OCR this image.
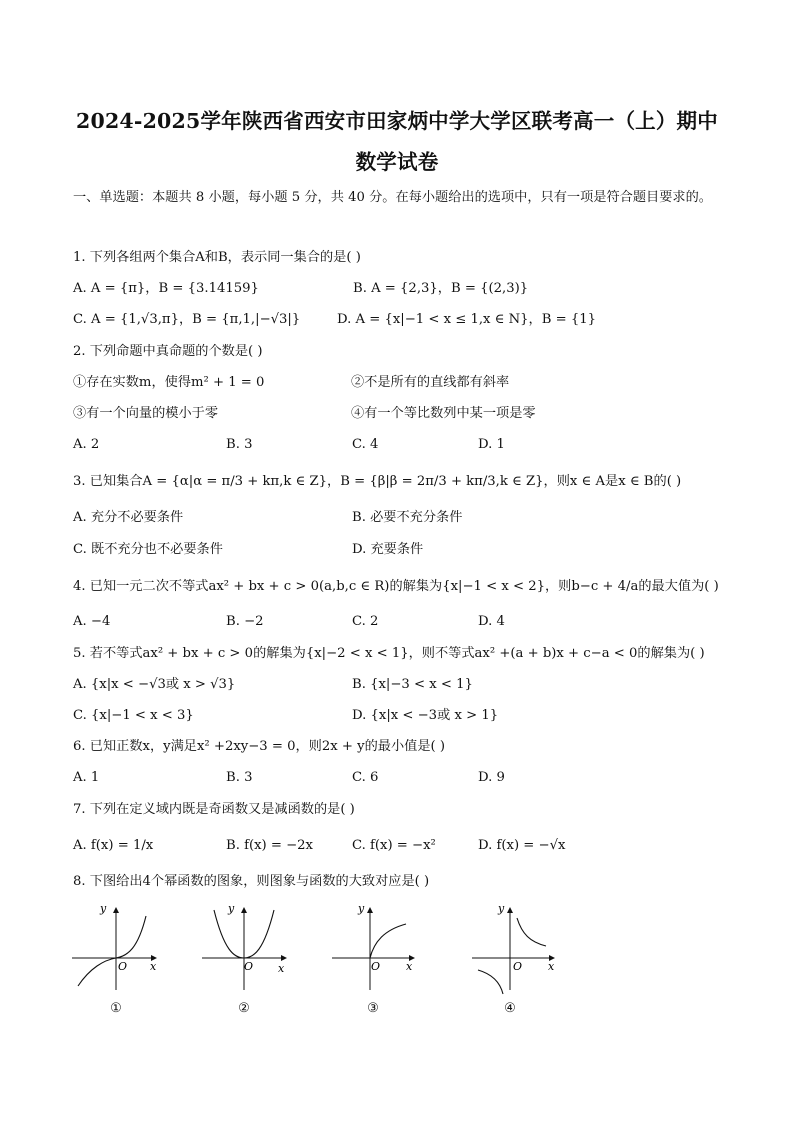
2024-2025学年陕西省西安市田家炳中学大学区联考高一（上）期中
数学试卷
一、单选题：本题共 8 小题，每小题 5 分，共 40 分。在每小题给出的选项中，只有一项是符合题目要求的。
1. 下列各组两个集合A和B，表示同一集合的是( )
A. A = {π}，B = {3.14159}	B. A = {2,3}，B = {(2,3)}
C. A = {1,√3,π}，B = {π,1,|−√3|}	D. A = {x|−1 < x ≤ 1,x ∈ N}，B = {1}
2. 下列命题中真命题的个数是( )
①存在实数m，使得m² + 1 = 0	②不是所有的直线都有斜率
③有一个向量的模小于零	④有一个等比数列中某一项是零
A. 2	B. 3	C. 4	D. 1
3. 已知集合A = {α|α = π/3 + kπ,k ∈ Z}，B = {β|β = 2π/3 + kπ/3,k ∈ Z}，则x ∈ A是x ∈ B的( )
A. 充分不必要条件	B. 必要不充分条件
C. 既不充分也不必要条件	D. 充要条件
4. 已知一元二次不等式ax² + bx + c > 0(a,b,c ∈ R)的解集为{x|−1 < x < 2}，则b−c + 4/a的最大值为( )
A. −4	B. −2	C. 2	D. 4
5. 若不等式ax² + bx + c > 0的解集为{x|−2 < x < 1}，则不等式ax² +(a + b)x + c−a < 0的解集为( )
A. {x|x < −√3或 x > √3}	B. {x|−3 < x < 1}
C. {x|−1 < x < 3}	D. {x|x < −3或 x > 1}
6. 已知正数x，y满足x² +2xy−3 = 0，则2x + y的最小值是( )
A. 1	B. 3	C. 6	D. 9
7. 下列在定义域内既是奇函数又是减函数的是( )
A. f(x) = 1/x	B. f(x) = −2x	C. f(x) = −x²	D. f(x) = −√x
8. 下图给出4个幂函数的图象，则图象与函数的大致对应是( )
y
O x
①
y
O x
②
y
O x
③
y
O x
④
